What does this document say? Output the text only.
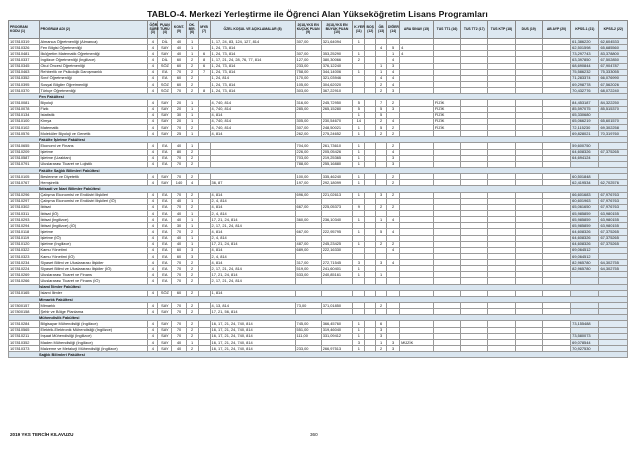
TABLO-4. Merkezi Yerleştirme ile Öğrenci Alan Yükseköğretim Lisans Programları
PROGRAM KODU (1)	PROGRAM ADI (2)	ÖĞR. SÜRE (3)	PUAN TÜRÜ (4)	KONT. (5)	OK. BİR. (6)	MYB (7)	ÖZEL KOŞUL VE AÇIKLAMALAR (8)	2018-YKS EN KÜÇÜK PUAN (9)	2018-YKS EN BÜYÜK PUAN (10)	K.YER (11)	BOŞ (12)	ÖB (13)	DİĞER (14)	ARA SINAV (15)	TUS TT1 (16)	TUS TT2 (17)	TUS KTP (18)	DUS (19)	AB AYP (20)	KPSS-1 (21)	KPSS-2 (22)
107810319	Almanca Öğretmenliği (Almanca)	4	DİL	40	1		1, 17, 24, 83, 124, 127, 814	307,00	321,64094	1										61,386220	62,604533
107810326	Fen Bilgisi Öğretmenliği	4	SAY	40	1		1, 24, 73, 814					4	5	4						62,501598	65,685560
107810481	İlköğretim Matematik Öğretmenliği	4	SAY	40	1	6	1, 24, 73, 814	307,00	353,25290	1			1	4						73,297743	83,378800
107810337	İngilizce Öğretmenliği (İngilizce)	4	DİL	60	2	8	1, 17, 21, 24, 28, 76, 77, 814	127,00	380,30066	2			4							63,397850	67,502850
107810345	Okul Öncesi Öğretmenliği	4	SÖZ	60	2	6	1, 24, 73, 814	233,00	376,12240			1	3							68,690844	67,904787
107810463	Rehberlik ve Psikolojik Danışmanlık	4	EA	70	2	7	1, 24, 73, 814	758,00	344,14006	1		1	4							75,586232	75,333055
107810352	Sınıf Öğretmenliği	4	EA	60	2		1, 24, 814	170,00	321,03946			4	4							71,283374	66,076990
107810395	Sosyal Bilgiler Öğretmenliği	4	SÖZ	60	2		1, 24, 73, 814	105,00	304,62020			2	4							69,298778	67,562026
107810370	Türkçe Öğretmenliği	4	SÖZ	70	2	8	1, 24, 73, 814	303,00	367,22910			2	3							70,432776	68,072240
Fen Fakültesi																					
107810081	Biyoloji	4	SAY	20	1		4, 740, 814	316,00	245,72950	5		7	2		FİZİK					84,453187	84,322250
107810078	Fizik	4	SAY	20	1		4, 740, 814	285,00	265,15280	5		5	3		FİZİK					85,597075	85,515370
107810134	İstatistik	4	SAY	30	1		4, 814			1		5			FİZİK					65,330680	
107810100	Kimya	4	SAY	20	1		4, 740, 814	305,00	230,54670	14		2	4		FİZİK					65,066219	65,601570
107810102	Matematik	4	SAY	70	2		4, 740, 814	307,00	248,50021	1		5	2		FİZİK					72,115230	69,302258
107810576	Moleküler Biyoloji ve Genetik	4	SAY	25	1		4, 814	262,00	275,24652	1		2	2							69,828021	70,319760
Fakülte İşletme Fakültesi																					
107810655	Ekonomi ve Finans	4	EA	40	1			704,00	261,73610	1			2							59,600750	
107810209	İşletme	4	EA	80	2			226,00	205,05426	1			4							64,608326	67,375265
107810587	İşletme (Uzaktan)	4	EA	70	2			703,00	219,25365	1			3							64,694124	
107810791	Uluslararası Ticaret ve Lojistik	4	EA	70	2			788,00	255,16880	1			3								
Fakülte Sağlık Bilimleri Fakültesi																					
107810105	Beslenme ve Diyetetik	4	SAY	70	2			100,00	335,46240	1			2							60,501848	
107810767	Hemşirelik	4	SAY	140	4		36, 87	197,00	292,18099	1			2							62,419534	62,702576
İktisadi ve İdari Bilimler Fakültesi																					
107810296	Çalışma Ekonomisi ve Endüstri İlişkileri	4	EA	70	2		4, 814	696,00	221,02613	1		3	2							66,601683	67,976763
107810297	Çalışma Ekonomisi ve Endüstri İlişkileri (İÖ)	4	EA	40	1		2, 4, 814													60,601963	67,976763
107810302	İktisat	4	EA	70	2		4, 814	667,00	225,05373	9		2	2							65,061650	67,976763
107810311	İktisat (İÖ)	4	EA	40	1		2, 4, 814													65,985859	63,980155
107810293	İktisat (İngilizce)	4	EA	40	1		17, 21, 24, 814	360,00	236,10340	1		1	4							65,985859	63,980155
107810294	İktisat (İngilizce) (İÖ)	4	EA	30	1		2, 17, 21, 24, 814													65,985859	63,980155
107810118	İşletme	4	EA	70	2		4, 814	667,00	222,95795	1		5	4							64,608326	67,375265
107810119	İşletme (İÖ)	4	EA	40	1		2, 4, 814													64,608326	67,375265
107810120	İşletme (İngilizce)	4	EA	40	1		17, 21, 24, 814	487,00	245,23425	1		2	2							64,608326	67,375265
107810322	Kamu Yönetimi	4	EA	60	3		4, 814	689,00	222,16330				4							69,064512	
107810323	Kamu Yönetimi (İÖ)	4	EA	60	3		2, 4, 814													69,064512	
107810234	Siyaset Bilimi ve Uluslararası İlişkiler	4	EA	70	2		4, 814	317,00	272,71545	3		3	4							82,965780	64,302755
107810224	Siyaset Bilimi ve Uluslararası İlişkiler (İÖ)	4	EA	70	2		2, 17, 21, 24, 814	519,00	241,60401	1										82,965780	64,302755
107810269	Uluslararası Ticaret ve Finans	4	EA	70	2		17, 21, 24, 814	533,00	240,85161	1		1									
107810266	Uluslararası Ticaret ve Finans (İÖ)	4	EA	70	2		2, 17, 21, 24, 814														
İslami İlimler Fakültesi																					
107810165	İslami İlimler	4	SÖZ	60	2		1, 814														
Mimarlık Fakültesi																					
107800157	Mimarlık	4	SAY	70	2		4, 13, 814	73,00	371,01850			2									
107800158	Şehir ve Bölge Planlama	4	SAY	70	2		17, 21, 56, 814														
Mühendislik Fakültesi																					
107810284	Bilgisayar Mühendisliği (İngilizce)	4	SAY	70	2		16, 17, 21, 24, 740, 814	745,00	366,45760	1		6								73,155488	
107810565	Elektrik-Elektronik Mühendisliği (İngilizce)	4	SAY	70	2		16, 17, 21, 24, 740, 814	551,00	319,46040	1		3									
107810211	İnşaat Mühendisliği (İngilizce)	4	SAY	70	2		16, 17, 21, 24, 740, 814	111,00	331,09412	1		3								73,580073	
107810352	Maden Mühendisliği (İngilizce)	4	SAY	40	1		16, 17, 21, 24, 740, 814			3		1	3	MÜZİK						69,078544	
107810373	Malzeme ve Metalurji Mühendisliği (İngilizce)	4	SAY	40	2		16, 17, 21, 24, 740, 814	233,00	266,97513	1		2	3							70,927530	
Sağlık Bilimleri Fakültesi																					
2019 YKS TERCİH KILAVUZU	360
